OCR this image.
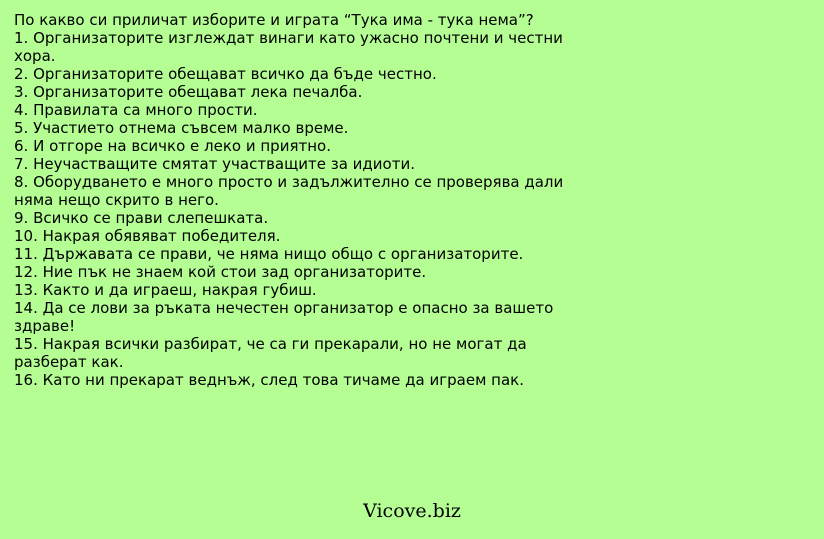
По какво си приличат изборите и играта “Тука има - тука нема”?

1. Организаторите изглеждат винаги като ужасно почтени и честни хора.

2. Организаторите обещават всичко да бъде честно.

3. Организаторите обещават лека печалба.

4. Правилата са много прости.

5. Участието отнема съвсем малко време.

6. И отгоре на всичко е леко и приятно.

7. Неучастващите смятат участващите за идиоти.

8. Оборудването е много просто и задължително се проверява дали няма нещо скрито в него.

9. Всичко се прави слепешката.

10. Накрая обявяват победителя.

11. Държавата се прави, че няма нищо общо с организаторите.

12. Ние пък не знаем кой стои зад организаторите.

13. Както и да играеш, накрая губиш.

14. Да се лови за ръката нечестен организатор е опасно за вашето здраве!

15. Накрая всички разбират, че са ги прекарали, но не могат да разберат как.

16. Като ни прекарат веднъж, след това тичаме да играем пак.

Vicove.biz
